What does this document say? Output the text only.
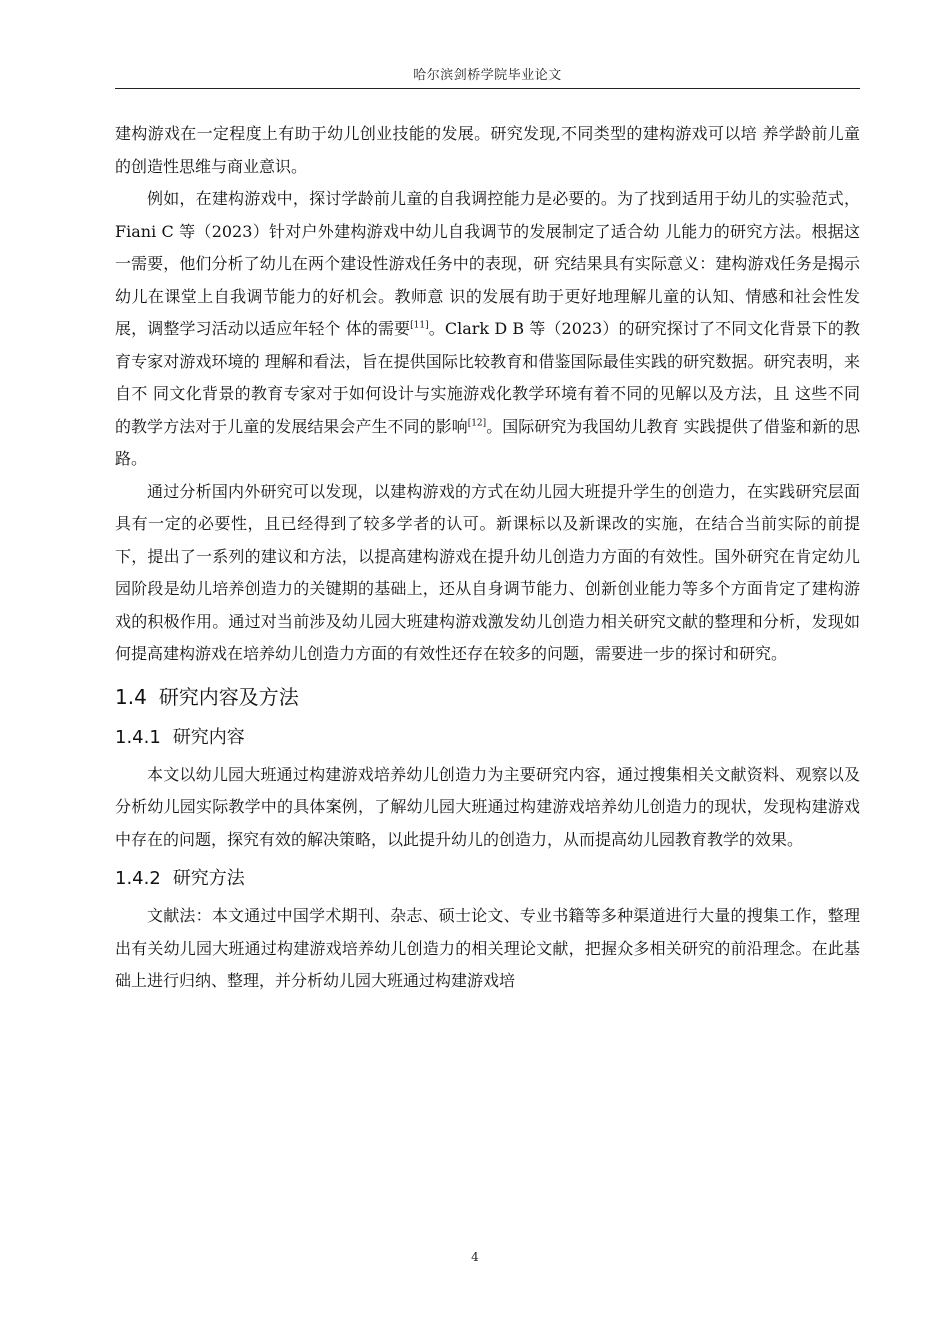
哈尔滨剑桥学院毕业论文

建构游戏在一定程度上有助于幼儿创业技能的发展。研究发现,不同类型的建构游戏可以培 养学龄前儿童的创造性思维与商业意识。

例如，在建构游戏中，探讨学龄前儿童的自我调控能力是必要的。为了找到适用于幼儿的实验范式，Fiani C 等（2023）针对户外建构游戏中幼儿自我调节的发展制定了适合幼 儿能力的研究方法。根据这一需要，他们分析了幼儿在两个建设性游戏任务中的表现，研 究结果具有实际意义：建构游戏任务是揭示幼儿在课堂上自我调节能力的好机会。教师意 识的发展有助于更好地理解儿童的认知、情感和社会性发展，调整学习活动以适应年轻个 体的需要[11]。Clark D B 等（2023）的研究探讨了不同文化背景下的教育专家对游戏环境的 理解和看法，旨在提供国际比较教育和借鉴国际最佳实践的研究数据。研究表明，来自不 同文化背景的教育专家对于如何设计与实施游戏化教学环境有着不同的见解以及方法，且 这些不同的教学方法对于儿童的发展结果会产生不同的影响[12]。国际研究为我国幼儿教育 实践提供了借鉴和新的思路。

通过分析国内外研究可以发现，以建构游戏的方式在幼儿园大班提升学生的创造力，在实践研究层面具有一定的必要性，且已经得到了较多学者的认可。新课标以及新课改的实施，在结合当前实际的前提下，提出了一系列的建议和方法，以提高建构游戏在提升幼儿创造力方面的有效性。国外研究在肯定幼儿园阶段是幼儿培养创造力的关键期的基础上，还从自身调节能力、创新创业能力等多个方面肯定了建构游戏的积极作用。通过对当前涉及幼儿园大班建构游戏激发幼儿创造力相关研究文献的整理和分析，发现如何提高建构游戏在培养幼儿创造力方面的有效性还存在较多的问题，需要进一步的探讨和研究。

1.4 研究内容及方法
1.4.1 研究内容

本文以幼儿园大班通过构建游戏培养幼儿创造力为主要研究内容，通过搜集相关文献资料、观察以及分析幼儿园实际教学中的具体案例，了解幼儿园大班通过构建游戏培养幼儿创造力的现状，发现构建游戏中存在的问题，探究有效的解决策略，以此提升幼儿的创造力，从而提高幼儿园教育教学的效果。

1.4.2 研究方法

文献法：本文通过中国学术期刊、杂志、硕士论文、专业书籍等多种渠道进行大量的搜集工作，整理出有关幼儿园大班通过构建游戏培养幼儿创造力的相关理论文献，把握众多相关研究的前沿理念。在此基础上进行归纳、整理，并分析幼儿园大班通过构建游戏培

4
